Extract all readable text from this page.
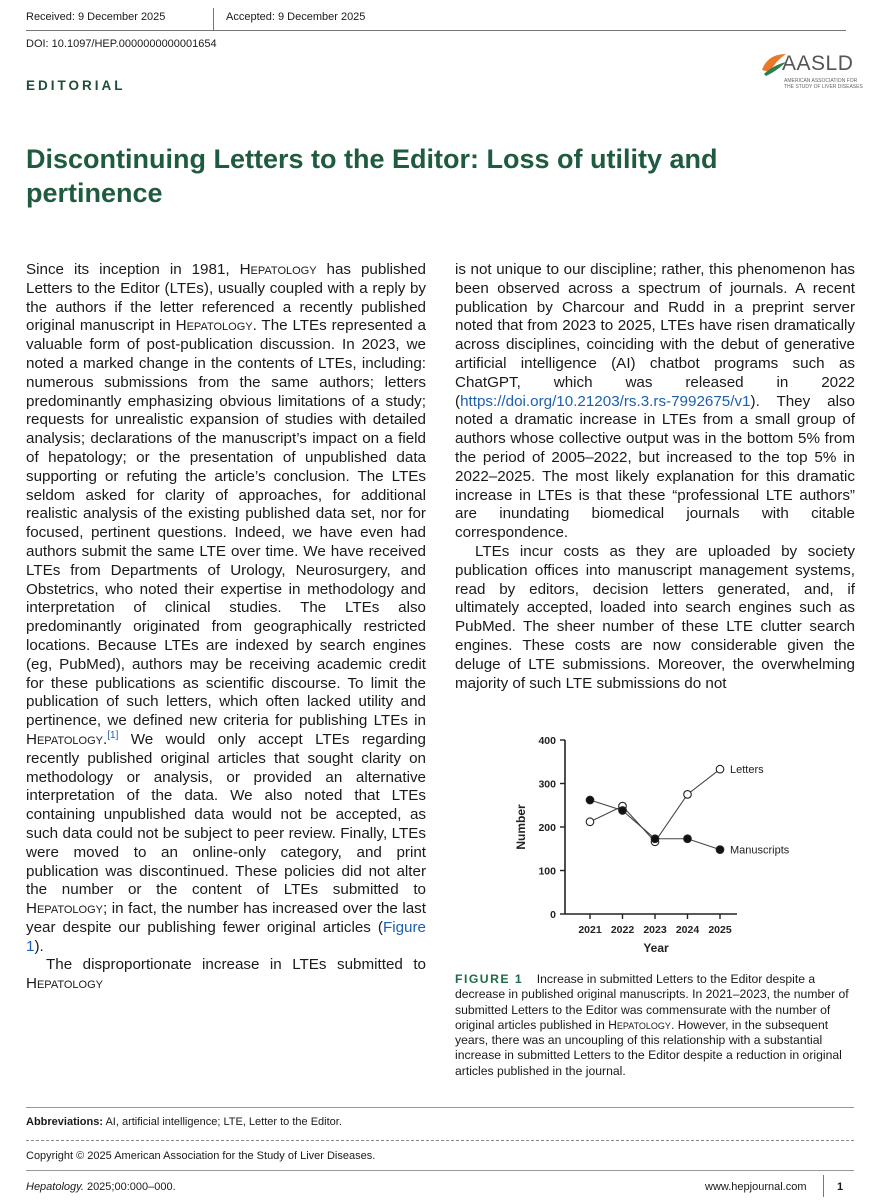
Received: 9 December 2025	Accepted: 9 December 2025
DOI: 10.1097/HEP.0000000000001654
EDITORIAL
AASLD
AMERICAN ASSOCIATION FOR THE STUDY OF LIVER DISEASES
Discontinuing Letters to the Editor: Loss of utility and pertinence

Since its inception in 1981, Hepatology has published Letters to the Editor (LTEs), usually coupled with a reply by the authors if the letter referenced a recently published original manuscript in Hepatology. The LTEs represented a valuable form of post-publication discussion. In 2023, we noted a marked change in the contents of LTEs, including: numerous submissions from the same authors; letters predominantly emphasizing obvious limitations of a study; requests for unrealistic expansion of studies with detailed analysis; declarations of the manuscript’s impact on a field of hepatology; or the presentation of unpublished data supporting or refuting the article’s conclusion. The LTEs seldom asked for clarity of approaches, for additional realistic analysis of the existing published data set, nor for focused, pertinent questions. Indeed, we have even had authors submit the same LTE over time. We have received LTEs from Departments of Urology, Neurosurgery, and Obstetrics, who noted their expertise in methodology and interpretation of clinical studies. The LTEs also predominantly originated from geographically restricted locations. Because LTEs are indexed by search engines (eg, PubMed), authors may be receiving academic credit for these publications as scientific discourse. To limit the publication of such letters, which often lacked utility and pertinence, we defined new criteria for publishing LTEs in Hepatology.[1] We would only accept LTEs regarding recently published original articles that sought clarity on methodology or analysis, or provided an alternative interpretation of the data. We also noted that LTEs containing unpublished data would not be accepted, as such data could not be subject to peer review. Finally, LTEs were moved to an online-only category, and print publication was discontinued. These policies did not alter the number or the content of LTEs submitted to Hepatology; in fact, the number has increased over the last year despite our publishing fewer original articles (Figure 1).

The disproportionate increase in LTEs submitted to Hepatology

is not unique to our discipline; rather, this phenomenon has been observed across a spectrum of journals. A recent publication by Charcour and Rudd in a preprint server noted that from 2023 to 2025, LTEs have risen dramatically across disciplines, coinciding with the debut of generative artificial intelligence (AI) chatbot programs such as ChatGPT, which was released in 2022 (https://doi.org/10.21203/rs.3.rs-7992675/v1). They also noted a dramatic increase in LTEs from a small group of authors whose collective output was in the bottom 5% from the period of 2005–2022, but increased to the top 5% in 2022–2025. The most likely explanation for this dramatic increase in LTEs is that these “professional LTE authors” are inundating biomedical journals with citable correspondence.

LTEs incur costs as they are uploaded by society publication offices into manuscript management systems, read by editors, decision letters generated, and, if ultimately accepted, loaded into search engines such as PubMed. The sheer number of these LTE clutter search engines. These costs are now considerable given the deluge of LTE submissions. Moreover, the overwhelming majority of such LTE submissions do not

0
100
200
300
400
2021 2022 2023 2024 2025
Year
Number
Letters
Manuscripts
FIGURE 1 Increase in submitted Letters to the Editor despite a decrease in published original manuscripts. In 2021–2023, the number of submitted Letters to the Editor was commensurate with the number of original articles published in Hepatology. However, in the subsequent years, there was an uncoupling of this relationship with a substantial increase in submitted Letters to the Editor despite a reduction in original articles published in the journal.
Abbreviations: AI, artificial intelligence; LTE, Letter to the Editor.
Copyright © 2025 American Association for the Study of Liver Diseases.
Hepatology. 2025;00:000–000.	www.hepjournal.com	1
